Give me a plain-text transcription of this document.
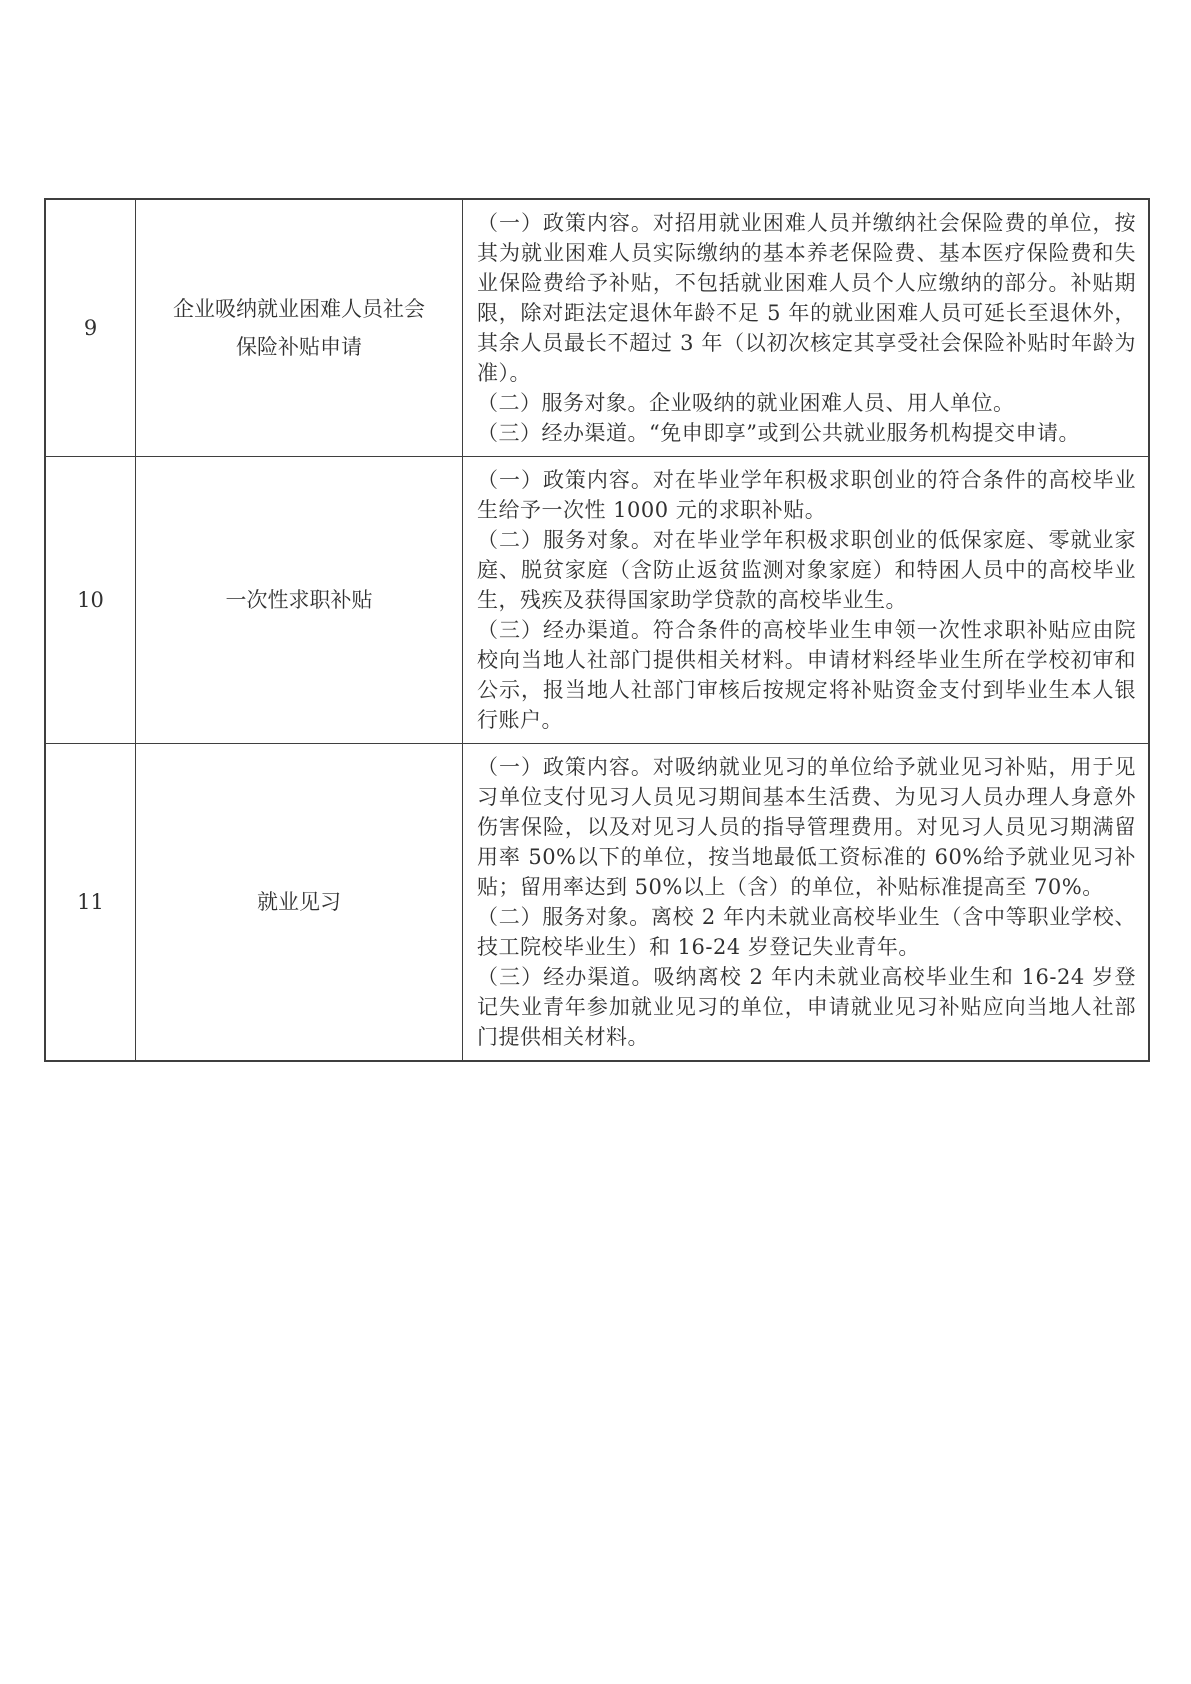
9
企业吸纳就业困难人员社会保险补贴申请

（一）政策内容。对招用就业困难人员并缴纳社会保险费的单位，按其为就业困难人员实际缴纳的基本养老保险费、基本医疗保险费和失业保险费给予补贴，不包括就业困难人员个人应缴纳的部分。补贴期限，除对距法定退休年龄不足 5 年的就业困难人员可延长至退休外，其余人员最长不超过 3 年（以初次核定其享受社会保险补贴时年龄为准）。

（二）服务对象。企业吸纳的就业困难人员、用人单位。

（三）经办渠道。“免申即享”或到公共就业服务机构提交申请。

10	一次性求职补贴

（一）政策内容。对在毕业学年积极求职创业的符合条件的高校毕业生给予一次性 1000 元的求职补贴。

（二）服务对象。对在毕业学年积极求职创业的低保家庭、零就业家庭、脱贫家庭（含防止返贫监测对象家庭）和特困人员中的高校毕业生，残疾及获得国家助学贷款的高校毕业生。

（三）经办渠道。符合条件的高校毕业生申领一次性求职补贴应由院校向当地人社部门提供相关材料。申请材料经毕业生所在学校初审和公示，报当地人社部门审核后按规定将补贴资金支付到毕业生本人银行账户。

11	就业见习

（一）政策内容。对吸纳就业见习的单位给予就业见习补贴，用于见习单位支付见习人员见习期间基本生活费、为见习人员办理人身意外伤害保险，以及对见习人员的指导管理费用。对见习人员见习期满留用率 50%以下的单位，按当地最低工资标准的 60%给予就业见习补贴；留用率达到 50%以上（含）的单位，补贴标准提高至 70%。

（二）服务对象。离校 2 年内未就业高校毕业生（含中等职业学校、技工院校毕业生）和 16-24 岁登记失业青年。

（三）经办渠道。吸纳离校 2 年内未就业高校毕业生和 16-24 岁登记失业青年参加就业见习的单位，申请就业见习补贴应向当地人社部门提供相关材料。
